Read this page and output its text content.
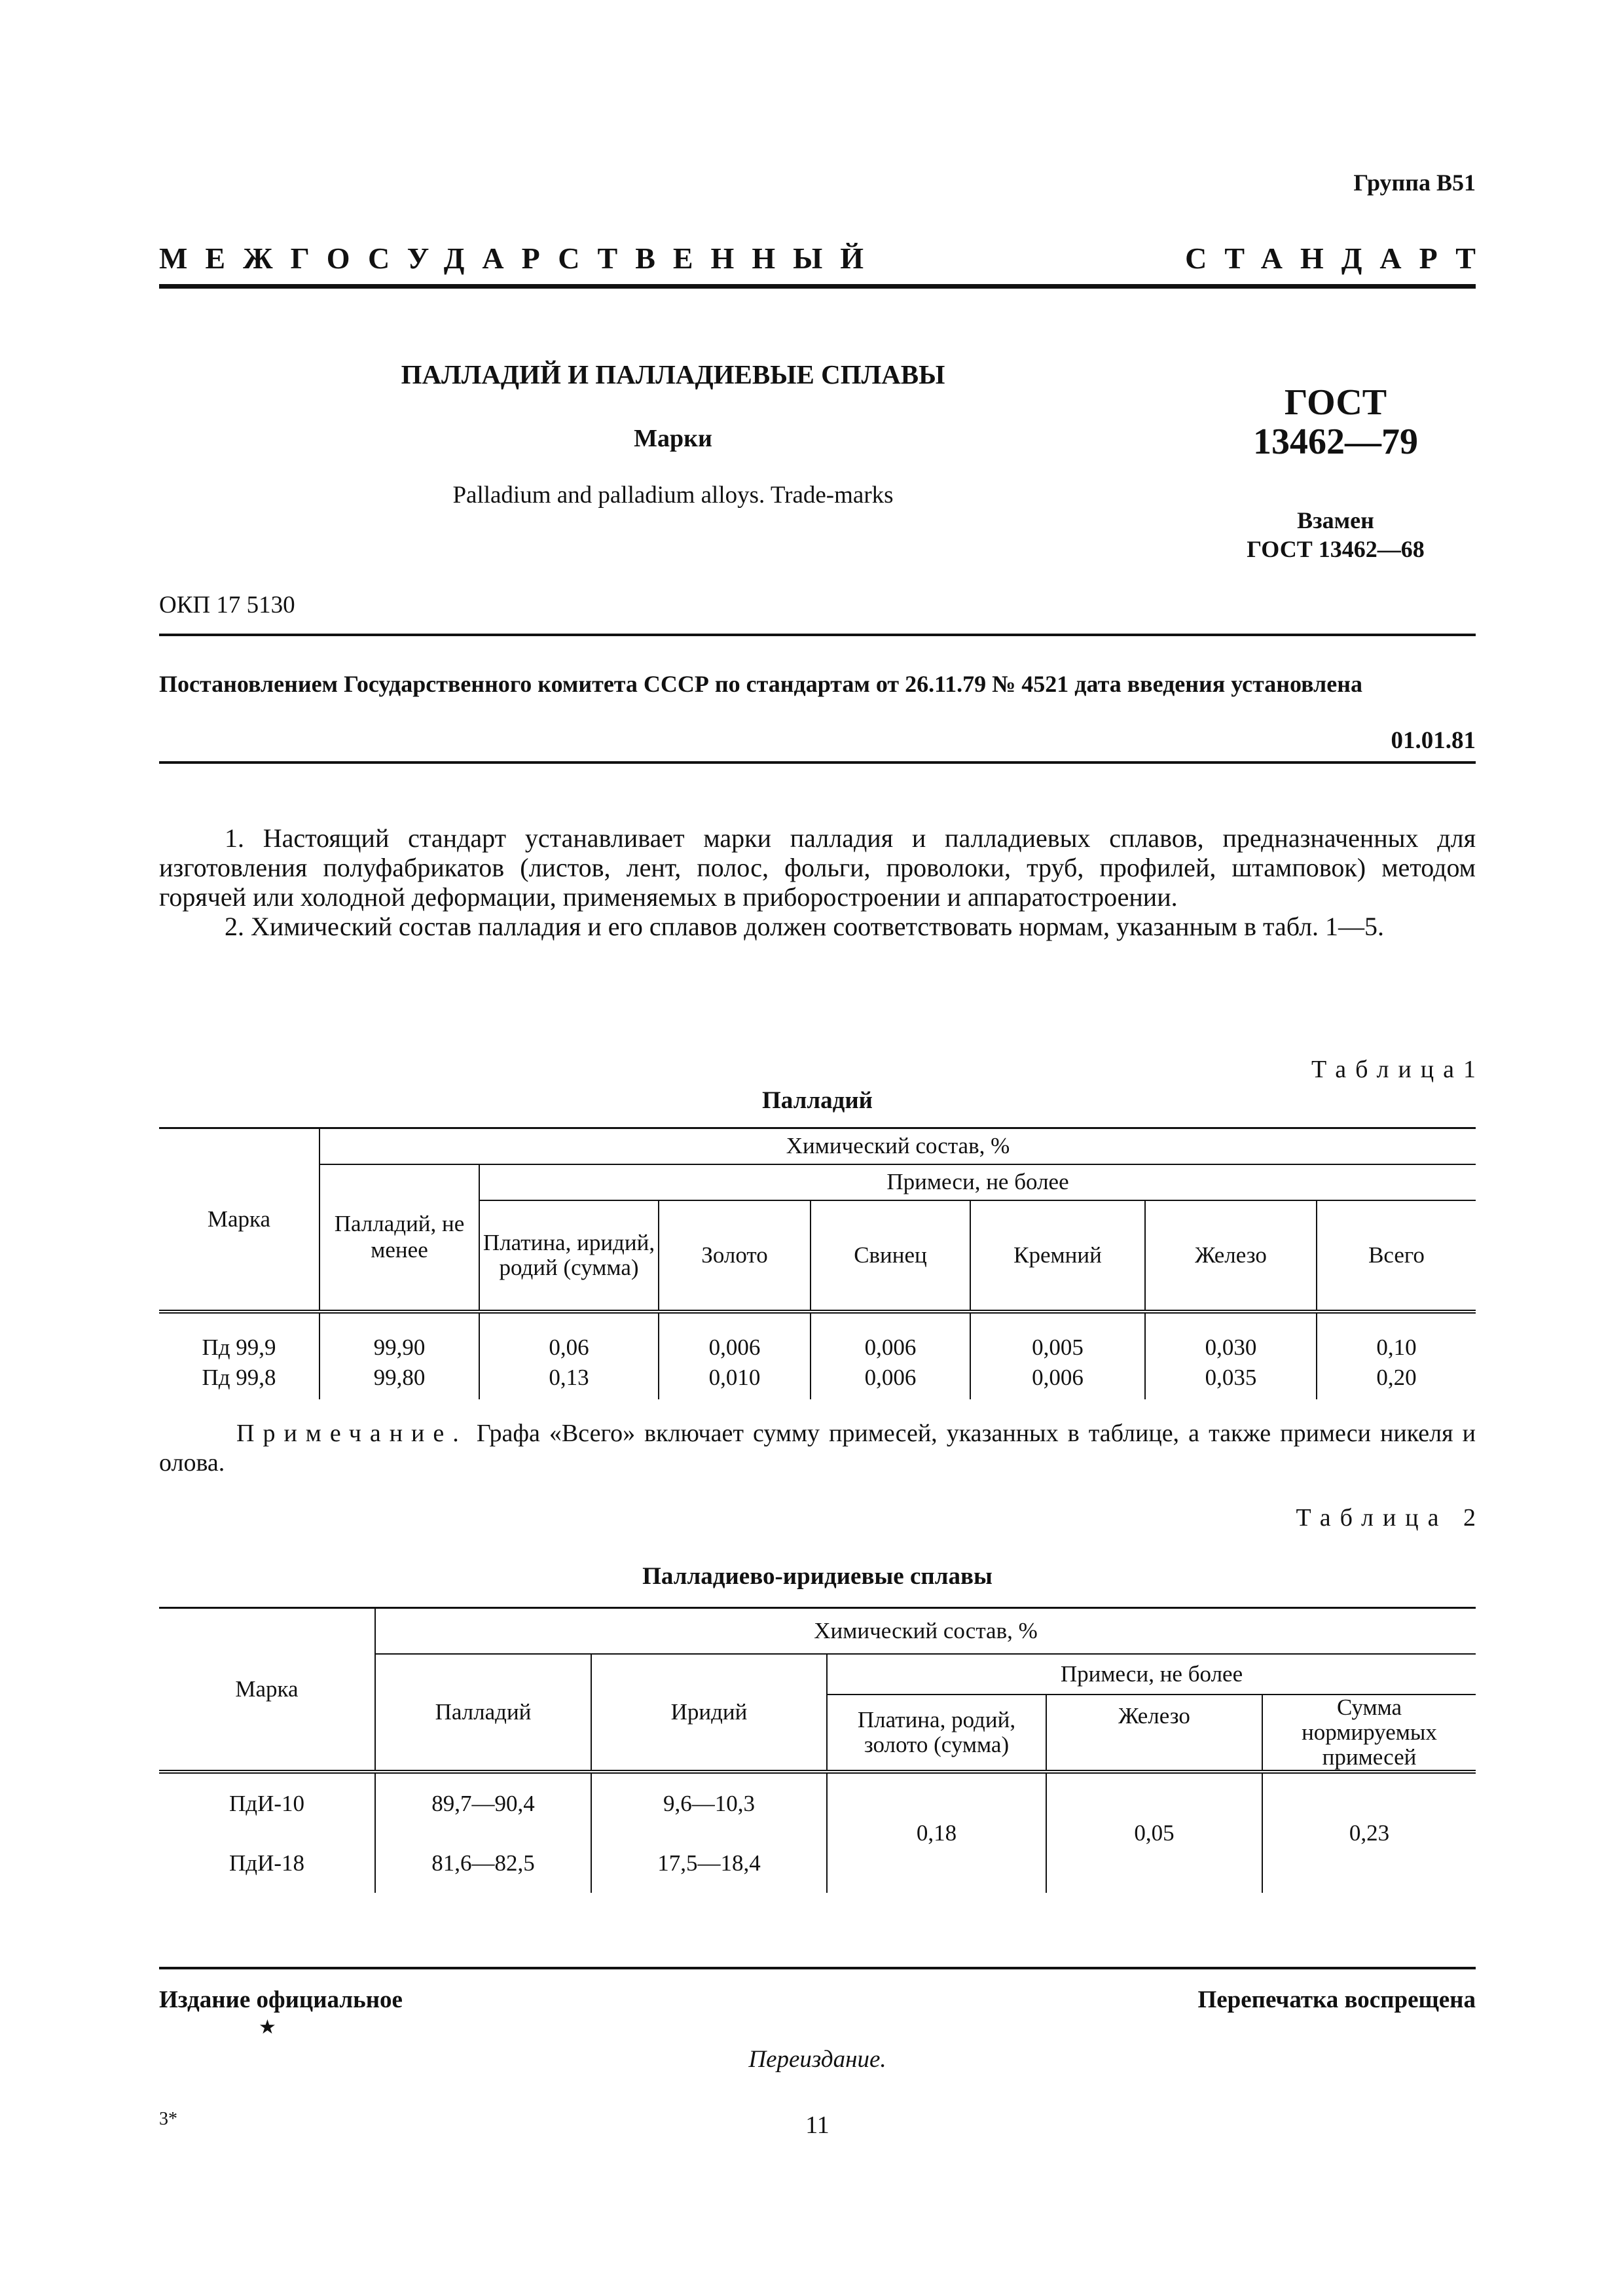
Группа В51
МЕЖГОСУДАРСТВЕННЫЙ	СТАНДАРТ
ПАЛЛАДИЙ И ПАЛЛАДИЕВЫЕ СПЛАВЫ
Марки
Palladium and palladium alloys. Trade-marks
ГОСТ
13462—79
Взамен
ГОСТ 13462—68
ОКП 17 5130
Постановлением Государственного комитета СССР по стандартам от 26.11.79 № 4521 дата введения установлена
01.01.81

1. Настоящий стандарт устанавливает марки палладия и палладиевых сплавов, предназначенных для изготовления полуфабрикатов (листов, лент, полос, фольги, проволоки, труб, профилей, штамповок) методом горячей или холодной деформации, применяемых в приборостроении и аппаратостроении.

2. Химический состав палладия и его сплавов должен соответствовать нормам, указанным в табл. 1—5.

Таблица1
Палладий
Марка	Химический состав, %						
	Палладий, не менее	Примеси, не более					
		Платина, иридий, родий (сумма)	Золото	Свинец	Кремний	Железо	Всего

Пд 99,9	99,90	0,06	0,006	0,006	0,005	0,030	0,10
Пд 99,8	99,80	0,13	0,010	0,006	0,006	0,035	0,20

Примечание. Графа «Всего» включает сумму примесей, указанных в таблице, а также примеси никеля и олова.
Таблица 2
Палладиево-иридиевые сплавы
Марка	Химический состав, %				
	Палладий	Иридий	Примеси, не более		
			Платина, родий, золото (сумма)	Железо	Сумма нормируемых примесей
ПдИ-10	89,7—90,4	9,6—10,3	0,18	0,05	0,23
ПдИ-18	81,6—82,5	17,5—18,4			
Издание официальное
★
Перепечатка воспрещена
Переиздание.
3*	11
